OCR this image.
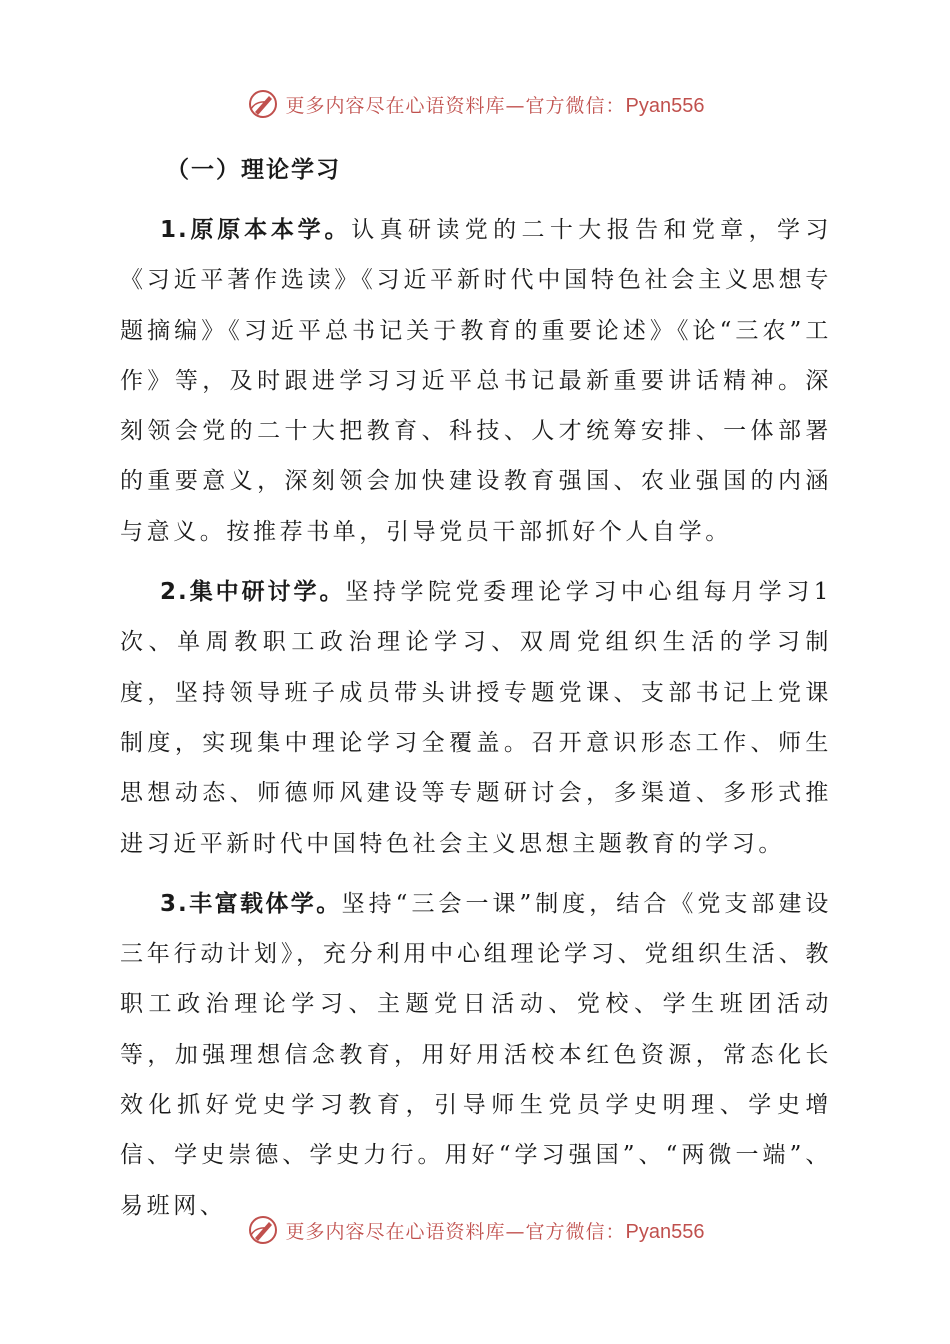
更多内容尽在心语资料库—官方微信：Pyan556
（一）理论学习

1.原原本本学。认真研读党的二十大报告和党章，学习《习近平著作选读》《习近平新时代中国特色社会主义思想专题摘编》《习近平总书记关于教育的重要论述》《论“三农”工作》等，及时跟进学习习近平总书记最新重要讲话精神。深刻领会党的二十大把教育、科技、人才统筹安排、一体部署的重要意义，深刻领会加快建设教育强国、农业强国的内涵与意义。按推荐书单，引导党员干部抓好个人自学。

2.集中研讨学。坚持学院党委理论学习中心组每月学习1次、单周教职工政治理论学习、双周党组织生活的学习制度，坚持领导班子成员带头讲授专题党课、支部书记上党课制度，实现集中理论学习全覆盖。召开意识形态工作、师生思想动态、师德师风建设等专题研讨会，多渠道、多形式推进习近平新时代中国特色社会主义思想主题教育的学习。

3.丰富载体学。坚持“三会一课”制度，结合《党支部建设三年行动计划》，充分利用中心组理论学习、党组织生活、教职工政治理论学习、主题党日活动、党校、学生班团活动等，加强理想信念教育，用好用活校本红色资源，常态化长效化抓好党史学习教育，引导师生党员学史明理、学史增信、学史崇德、学史力行。用好“学习强国”、“两微一端”、易班网、

更多内容尽在心语资料库—官方微信：Pyan556
